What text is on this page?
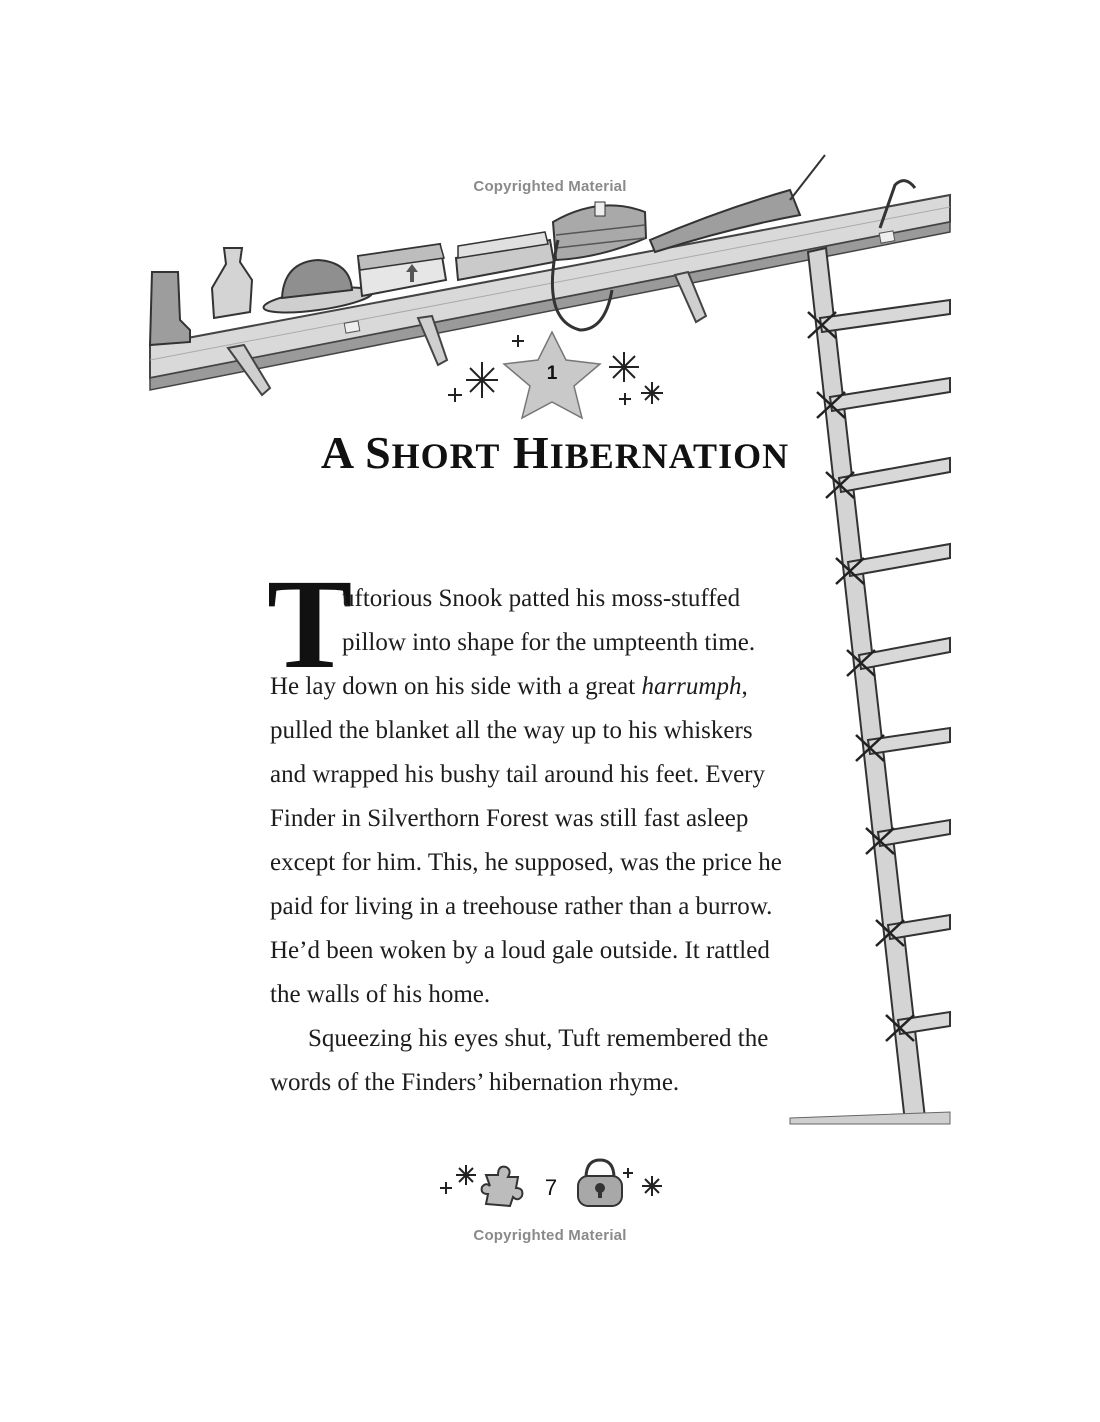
Copyrighted Material
1
A SHORT HIBERNATION
T
uftorious Snook patted his moss-stuffed
pillow into shape for the umpteenth time.
He lay down on his side with a great harrumph,
pulled the blanket all the way up to his whiskers
and wrapped his bushy tail around his feet. Every
Finder in Silverthorn Forest was still fast asleep
except for him. This, he supposed, was the price he
paid for living in a treehouse rather than a burrow.
He’d been woken by a loud gale outside. It rattled
the walls of his home.
Squeezing his eyes shut, Tuft remembered the
words of the Finders’ hibernation rhyme.
7
Copyrighted Material
